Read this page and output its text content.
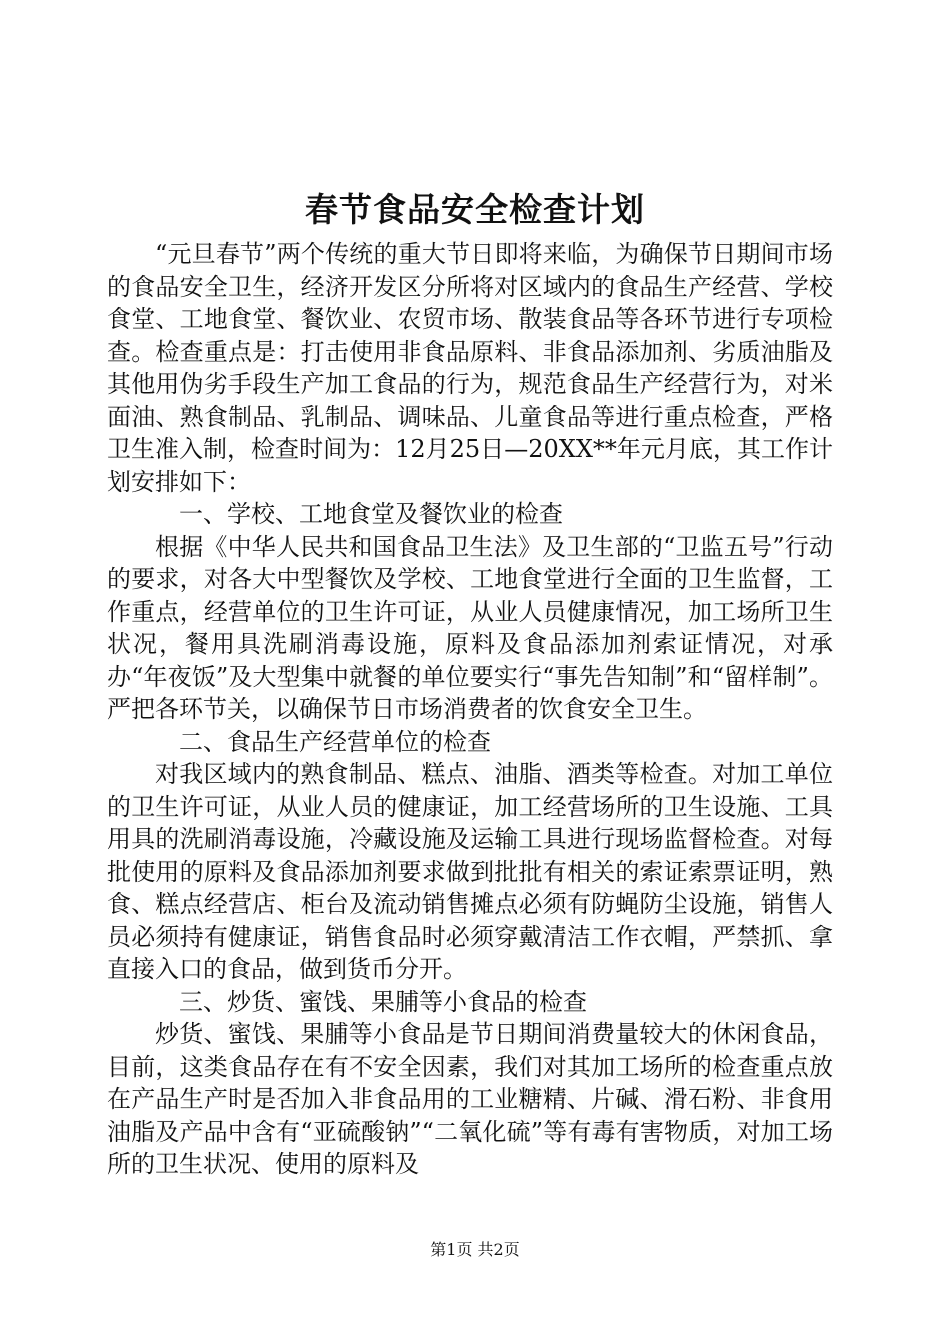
春节食品安全检查计划

“元旦春节”两个传统的重大节日即将来临，为确保节日期间市场的食品安全卫生，经济开发区分所将对区域内的食品生产经营、学校食堂、工地食堂、餐饮业、农贸市场、散装食品等各环节进行专项检查。检查重点是：打击使用非食品原料、非食品添加剂、劣质油脂及其他用伪劣手段生产加工食品的行为，规范食品生产经营行为，对米面油、熟食制品、乳制品、调味品、儿童食品等进行重点检查，严格卫生准入制，检查时间为：12月25日—20XX**年元月底，其工作计划安排如下：

一、学校、工地食堂及餐饮业的检查

根据《中华人民共和国食品卫生法》及卫生部的“卫监五号”行动的要求，对各大中型餐饮及学校、工地食堂进行全面的卫生监督，工作重点，经营单位的卫生许可证，从业人员健康情况，加工场所卫生状况，餐用具洗刷消毒设施，原料及食品添加剂索证情况，对承办“年夜饭”及大型集中就餐的单位要实行“事先告知制”和“留样制”。严把各环节关，以确保节日市场消费者的饮食安全卫生。

二、食品生产经营单位的检查

对我区域内的熟食制品、糕点、油脂、酒类等检查。对加工单位的卫生许可证，从业人员的健康证，加工经营场所的卫生设施、工具用具的洗刷消毒设施，冷藏设施及运输工具进行现场监督检查。对每批使用的原料及食品添加剂要求做到批批有相关的索证索票证明，熟食、糕点经营店、柜台及流动销售摊点必须有防蝇防尘设施，销售人员必须持有健康证，销售食品时必须穿戴清洁工作衣帽，严禁抓、拿直接入口的食品，做到货币分开。

三、炒货、蜜饯、果脯等小食品的检查

炒货、蜜饯、果脯等小食品是节日期间消费量较大的休闲食品，目前，这类食品存在有不安全因素，我们对其加工场所的检查重点放在产品生产时是否加入非食品用的工业糖精、片碱、滑石粉、非食用油脂及产品中含有“亚硫酸钠”“二氧化硫”等有毒有害物质，对加工场所的卫生状况、使用的原料及

第1页 共2页
